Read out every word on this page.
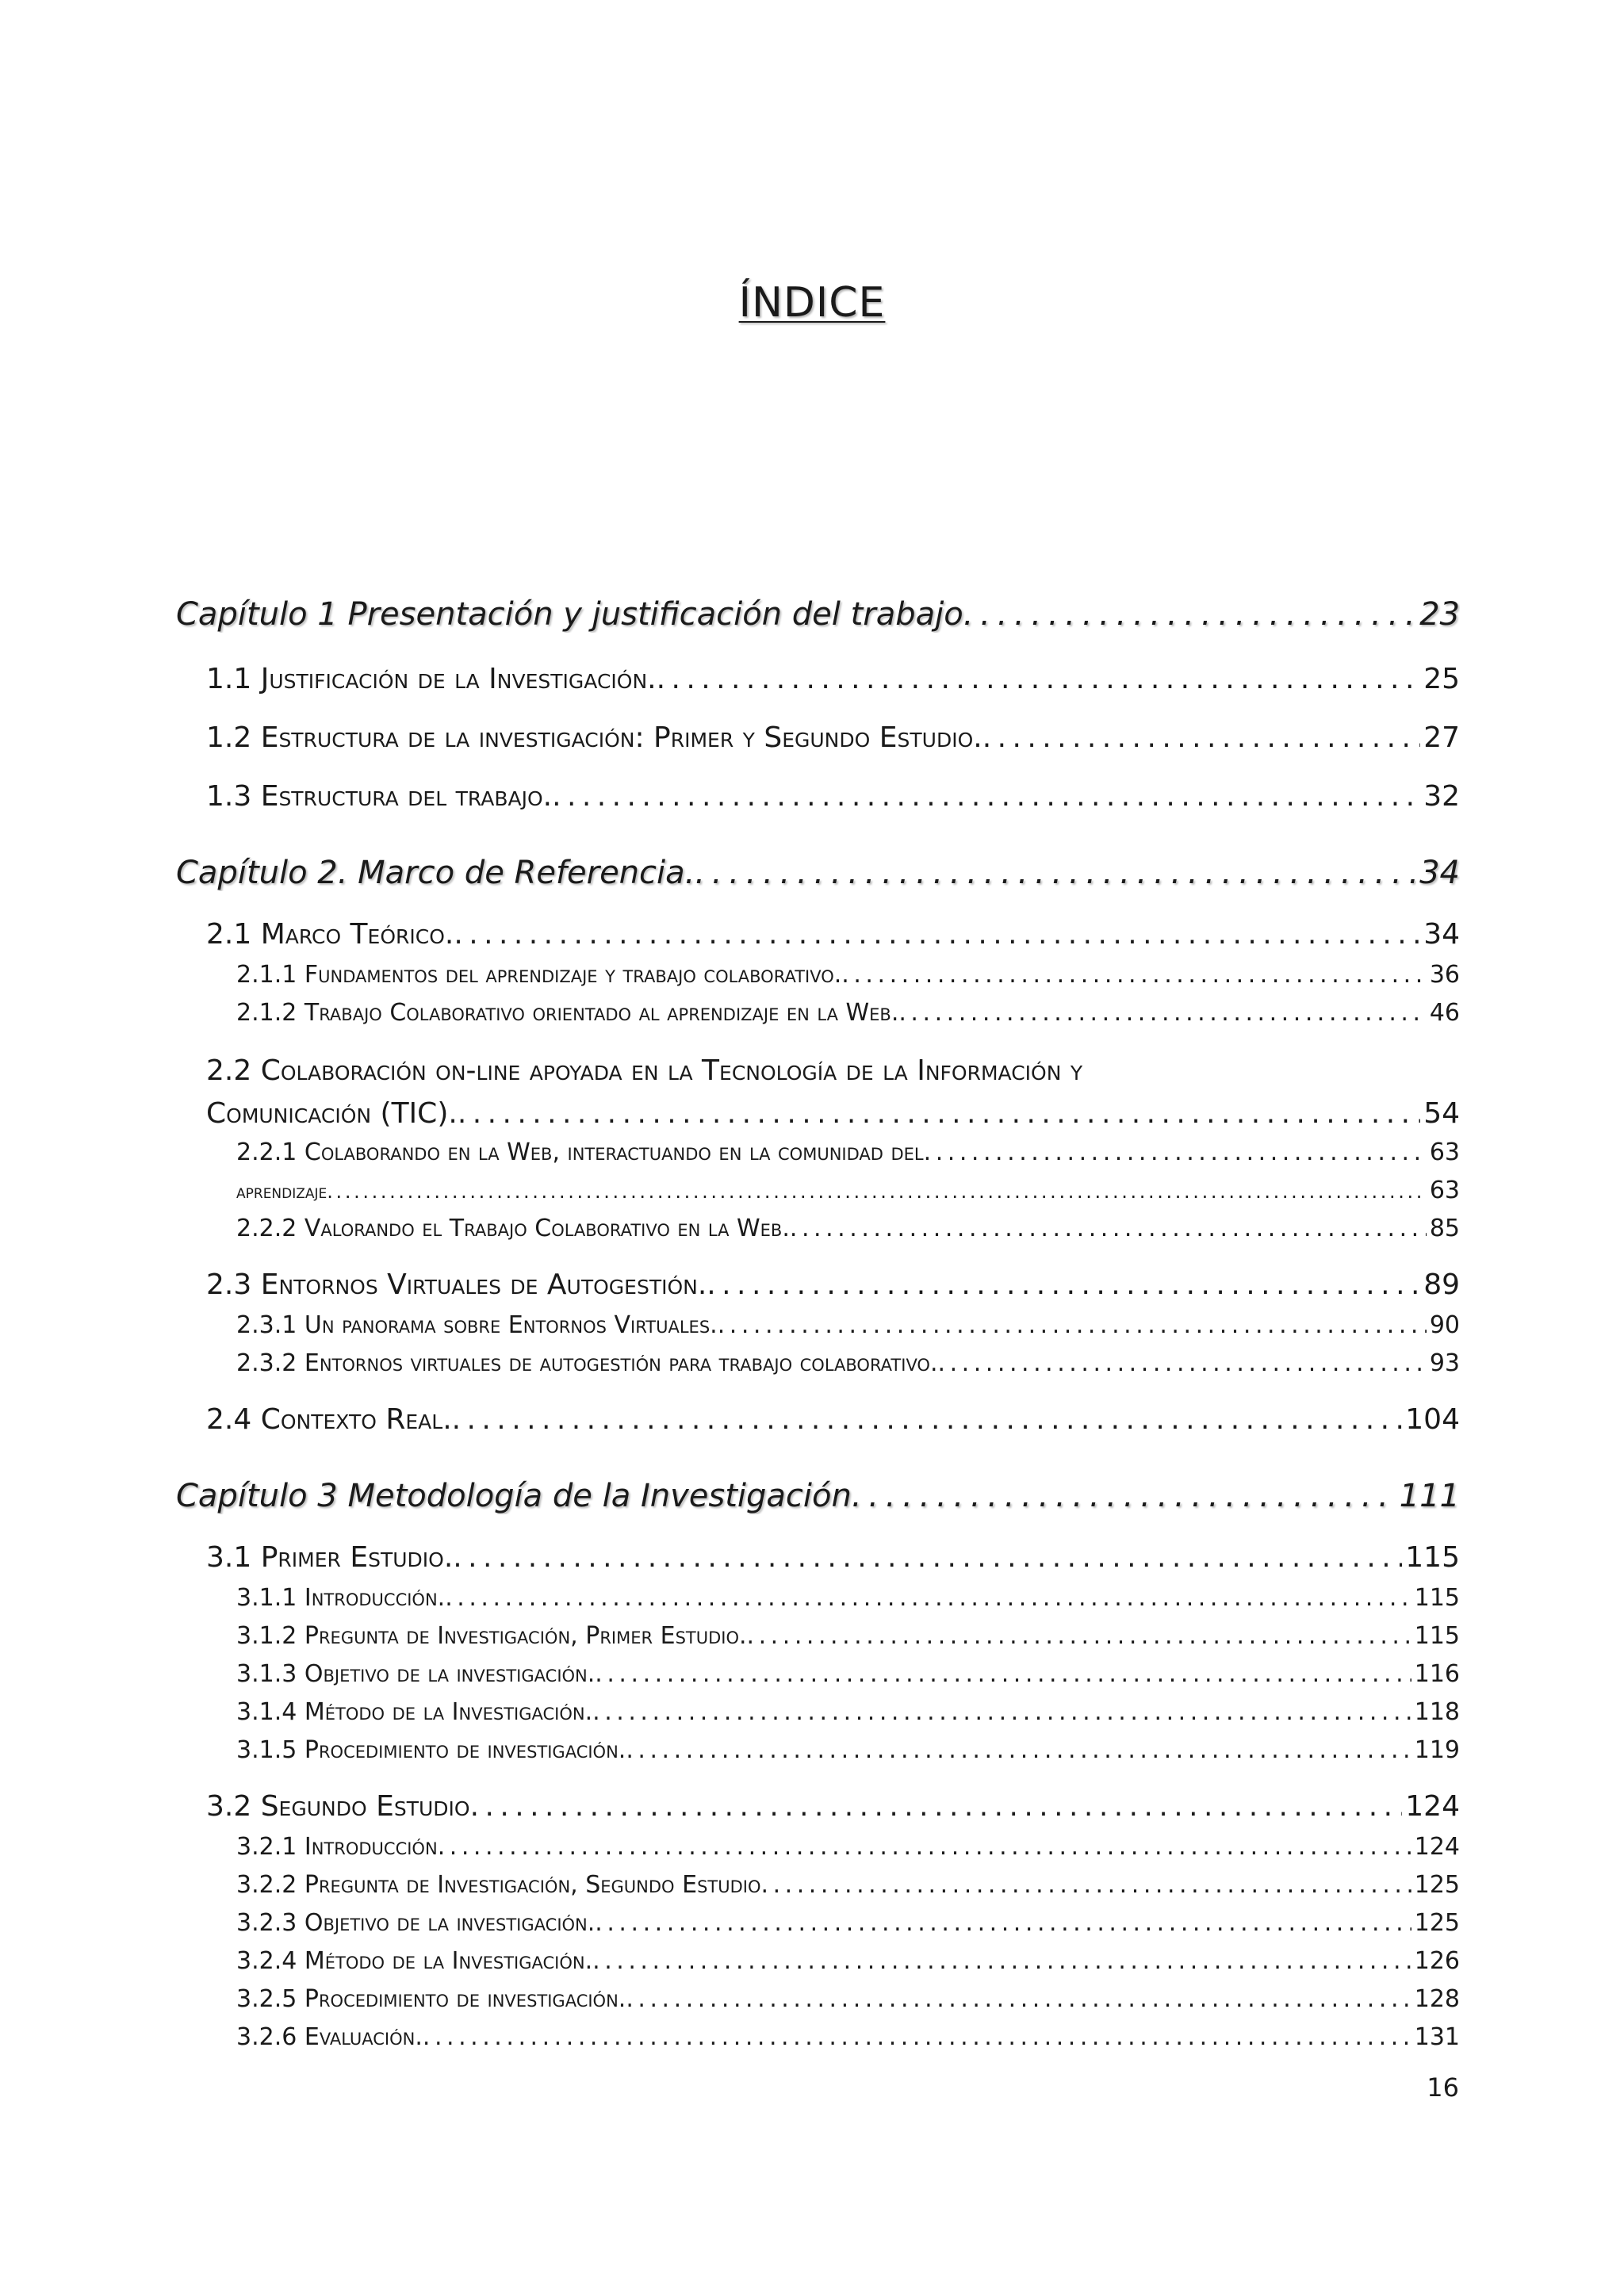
ÍNDICE
Capítulo 1 Presentación y justificación del trabajo . . .	23
1.1 Justificación de la Investigación. . . .	25
1.2 Estructura de la investigación: Primer y Segundo Estudio. . . .	27
1.3 Estructura del trabajo. . . .	32
Capítulo 2. Marco de Referencia. . . .	34
2.1 Marco Teórico. . . .	34
2.1.1 Fundamentos del aprendizaje y trabajo colaborativo. . . .	36
2.1.2 Trabajo Colaborativo orientado al aprendizaje en la Web. . . .	46
2.2 Colaboración on-line apoyada en la Tecnología de la Información y
Comunicación (TIC). . . .	54
2.2.1 Colaborando en la Web, interactuando en la comunidad del . . .	63
aprendizaje . . .	63
2.2.2 Valorando el Trabajo Colaborativo en la Web. . . .	85
2.3 Entornos Virtuales de Autogestión. . . .	89
2.3.1 Un panorama sobre Entornos Virtuales. . . .	90
2.3.2 Entornos virtuales de autogestión para trabajo colaborativo. . . .	93
2.4 Contexto Real. . . .	104
Capítulo 3 Metodología de la Investigación . . .	111
3.1 Primer Estudio. . . .	115
3.1.1 Introducción. . . .	115
3.1.2 Pregunta de Investigación, Primer Estudio. . . .	115
3.1.3 Objetivo de la investigación. . . .	116
3.1.4 Método de la Investigación. . . .	118
3.1.5 Procedimiento de investigación. . . .	119
3.2 Segundo Estudio . . .	124
3.2.1 Introducción . . .	124
3.2.2 Pregunta de Investigación, Segundo Estudio . . .	125
3.2.3 Objetivo de la investigación. . . .	125
3.2.4 Método de la Investigación. . . .	126
3.2.5 Procedimiento de investigación. . . .	128
3.2.6 Evaluación. . . .	131
16
